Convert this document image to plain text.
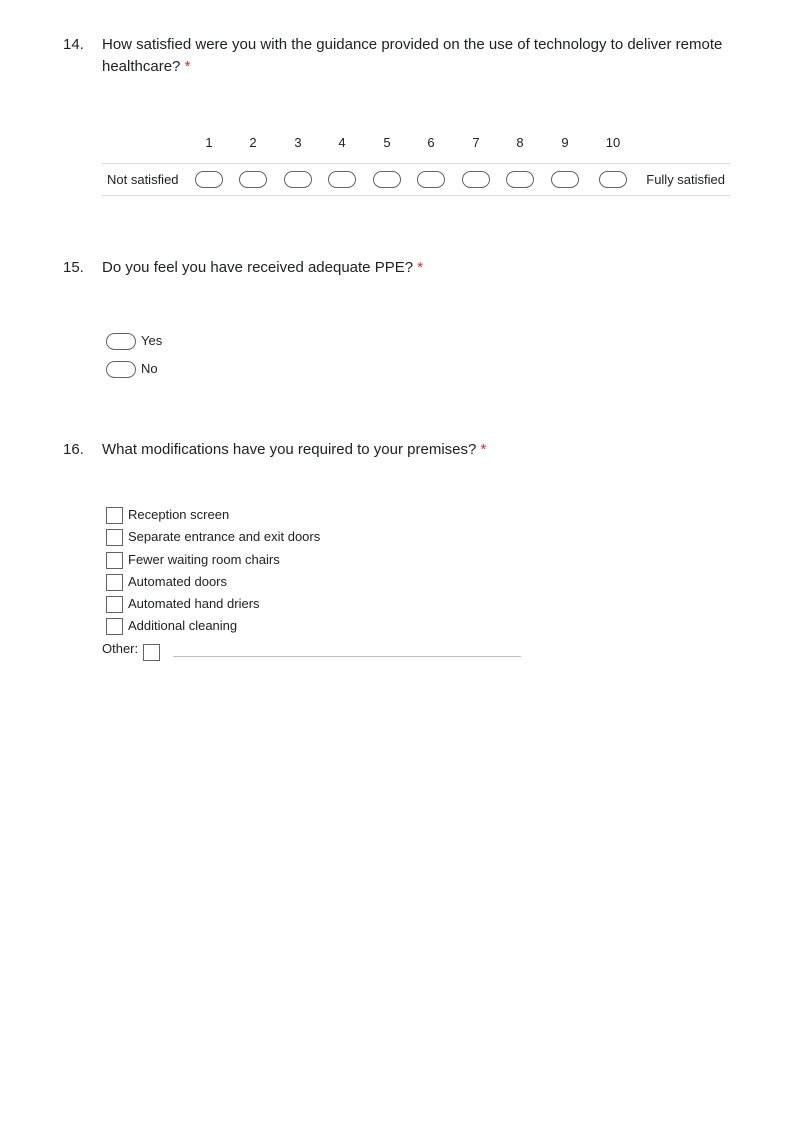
14. How satisfied were you with the guidance provided on the use of technology to deliver remote healthcare? *
1	2	3	4	5	6	7	8	9	10
Not satisfied	Fully satisfied
15. Do you feel you have received adequate PPE? *
Yes
No
16. What modifications have you required to your premises? *
Reception screen
Separate entrance and exit doors
Fewer waiting room chairs
Automated doors
Automated hand driers
Additional cleaning
Other:
